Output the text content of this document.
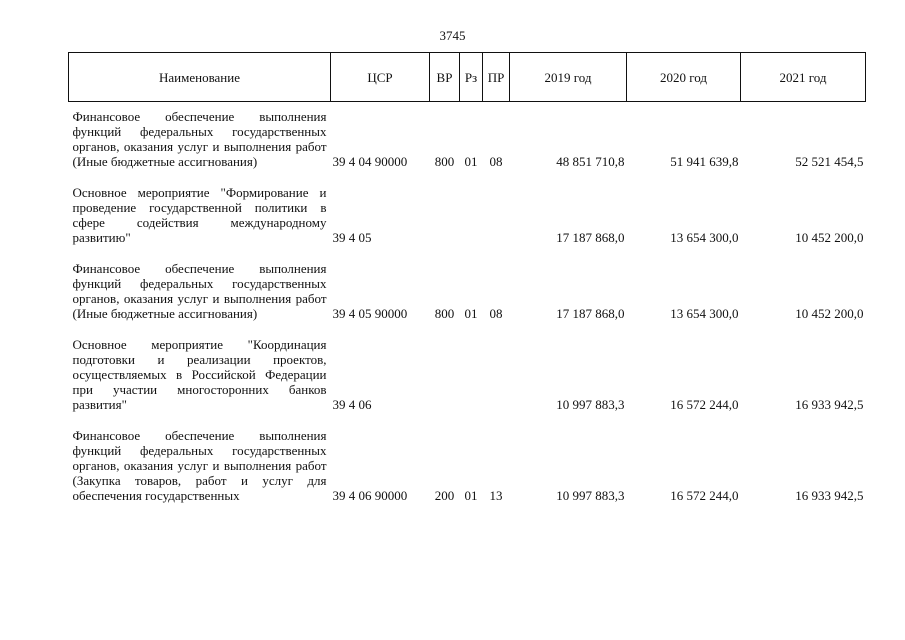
3745
Наименование	ЦСР	ВР	Рз	ПР	2019 год	2020 год	2021 год
Финансовое обеспечение выполнения функций федеральных государственных органов, оказания услуг и выполнения работ (Иные бюджетные ассигнования)	39 4 04 90000	800	01	08	48 851 710,8	51 941 639,8	52 521 454,5
Основное мероприятие "Формирование и проведение государственной политики в сфере содействия международному развитию"	39 4 05				17 187 868,0	13 654 300,0	10 452 200,0
Финансовое обеспечение выполнения функций федеральных государственных органов, оказания услуг и выполнения работ (Иные бюджетные ассигнования)	39 4 05 90000	800	01	08	17 187 868,0	13 654 300,0	10 452 200,0
Основное мероприятие "Координация подготовки и реализации проектов, осуществляемых в Российской Федерации при участии многосторонних банков развития"	39 4 06				10 997 883,3	16 572 244,0	16 933 942,5
Финансовое обеспечение выполнения функций федеральных государственных органов, оказания услуг и выполнения работ (Закупка товаров, работ и услуг для обеспечения государственных	39 4 06 90000	200	01	13	10 997 883,3	16 572 244,0	16 933 942,5
